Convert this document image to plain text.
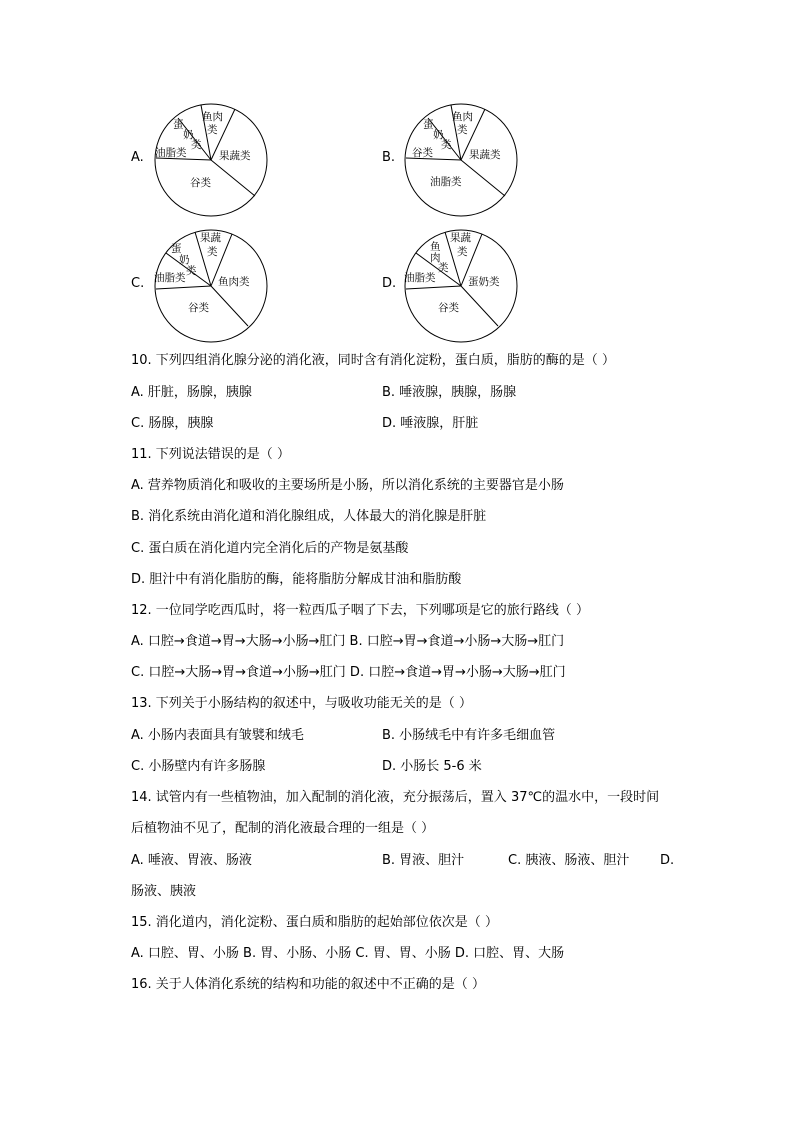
A.
鱼肉
类
蛋
奶
类
油脂类	果蔬类
谷类
B.
鱼肉
类
蛋
奶
类
谷类	果蔬类
油脂类
C.
果蔬
类
蛋
奶
类
油脂类	鱼肉类
谷类
D.
果蔬
类
鱼
肉
类
油脂类	蛋奶类
谷类
10. 下列四组消化腺分泌的消化液，同时含有消化淀粉，蛋白质，脂肪的酶的是（ ）
A. 肝脏，肠腺，胰腺	B. 唾液腺，胰腺，肠腺
C. 肠腺，胰腺	D. 唾液腺，肝脏
11. 下列说法错误的是（ ）
A. 营养物质消化和吸收的主要场所是小肠，所以消化系统的主要器官是小肠
B. 消化系统由消化道和消化腺组成，人体最大的消化腺是肝脏
C. 蛋白质在消化道内完全消化后的产物是氨基酸
D. 胆汁中有消化脂肪的酶，能将脂肪分解成甘油和脂肪酸
12. 一位同学吃西瓜时，将一粒西瓜子咽了下去，下列哪项是它的旅行路线（ ）
A. 口腔→食道→胃→大肠→小肠→肛门 B. 口腔→胃→食道→小肠→大肠→肛门
C. 口腔→大肠→胃→食道→小肠→肛门 D. 口腔→食道→胃→小肠→大肠→肛门
13. 下列关于小肠结构的叙述中，与吸收功能无关的是（ ）
A. 小肠内表面具有皱襞和绒毛	B. 小肠绒毛中有许多毛细血管
C. 小肠壁内有许多肠腺	D. 小肠长 5-6 米
14. 试管内有一些植物油，加入配制的消化液，充分振荡后，置入 37℃的温水中，一段时间
后植物油不见了，配制的消化液最合理的一组是（ ）
A. 唾液、胃液、肠液	B. 胃液、胆汁	C. 胰液、肠液、胆汁 D.
肠液、胰液
15. 消化道内，消化淀粉、蛋白质和脂肪的起始部位依次是（ ）
A. 口腔、胃、小肠 B. 胃、小肠、小肠 C. 胃、胃、小肠 D. 口腔、胃、大肠
16. 关于人体消化系统的结构和功能的叙述中不正确的是（ ）
